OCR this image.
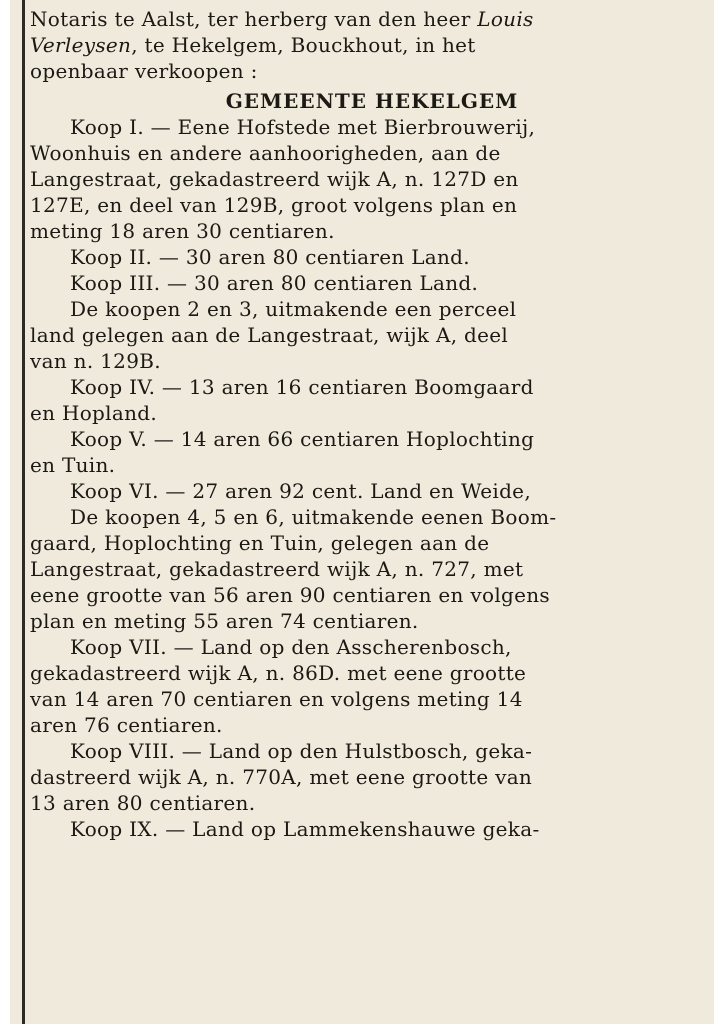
Notaris te Aalst, ter herberg van den heer Louis
Verleysen, te Hekelgem, Bouckhout, in het
openbaar verkoopen :

GEMEENTE HEKELGEM

Koop I. — Eene Hofstede met Bierbrouwerij,
Woonhuis en andere aanhoorigheden, aan de
Langestraat, gekadastreerd wijk A, n. 127D en
127E, en deel van 129B, groot volgens plan en
meting 18 aren 30 centiaren.

Koop II. — 30 aren 80 centiaren Land.

Koop III. — 30 aren 80 centiaren Land.

De koopen 2 en 3, uitmakende een perceel
land gelegen aan de Langestraat, wijk A, deel
van n. 129B.

Koop IV. — 13 aren 16 centiaren Boomgaard
en Hopland.

Koop V. — 14 aren 66 centiaren Hoplochting
en Tuin.

Koop VI. — 27 aren 92 cent. Land en Weide,

De koopen 4, 5 en 6, uitmakende eenen Boom-
gaard, Hoplochting en Tuin, gelegen aan de
Langestraat, gekadastreerd wijk A, n. 727, met
eene grootte van 56 aren 90 centiaren en volgens
plan en meting 55 aren 74 centiaren.

Koop VII. — Land op den Asscherenbosch,
gekadastreerd wijk A, n. 86D. met eene grootte
van 14 aren 70 centiaren en volgens meting 14
aren 76 centiaren.

Koop VIII. — Land op den Hulstbosch, geka-
dastreerd wijk A, n. 770A, met eene grootte van
13 aren 80 centiaren.

Koop IX. — Land op Lammekenshauwe geka-
